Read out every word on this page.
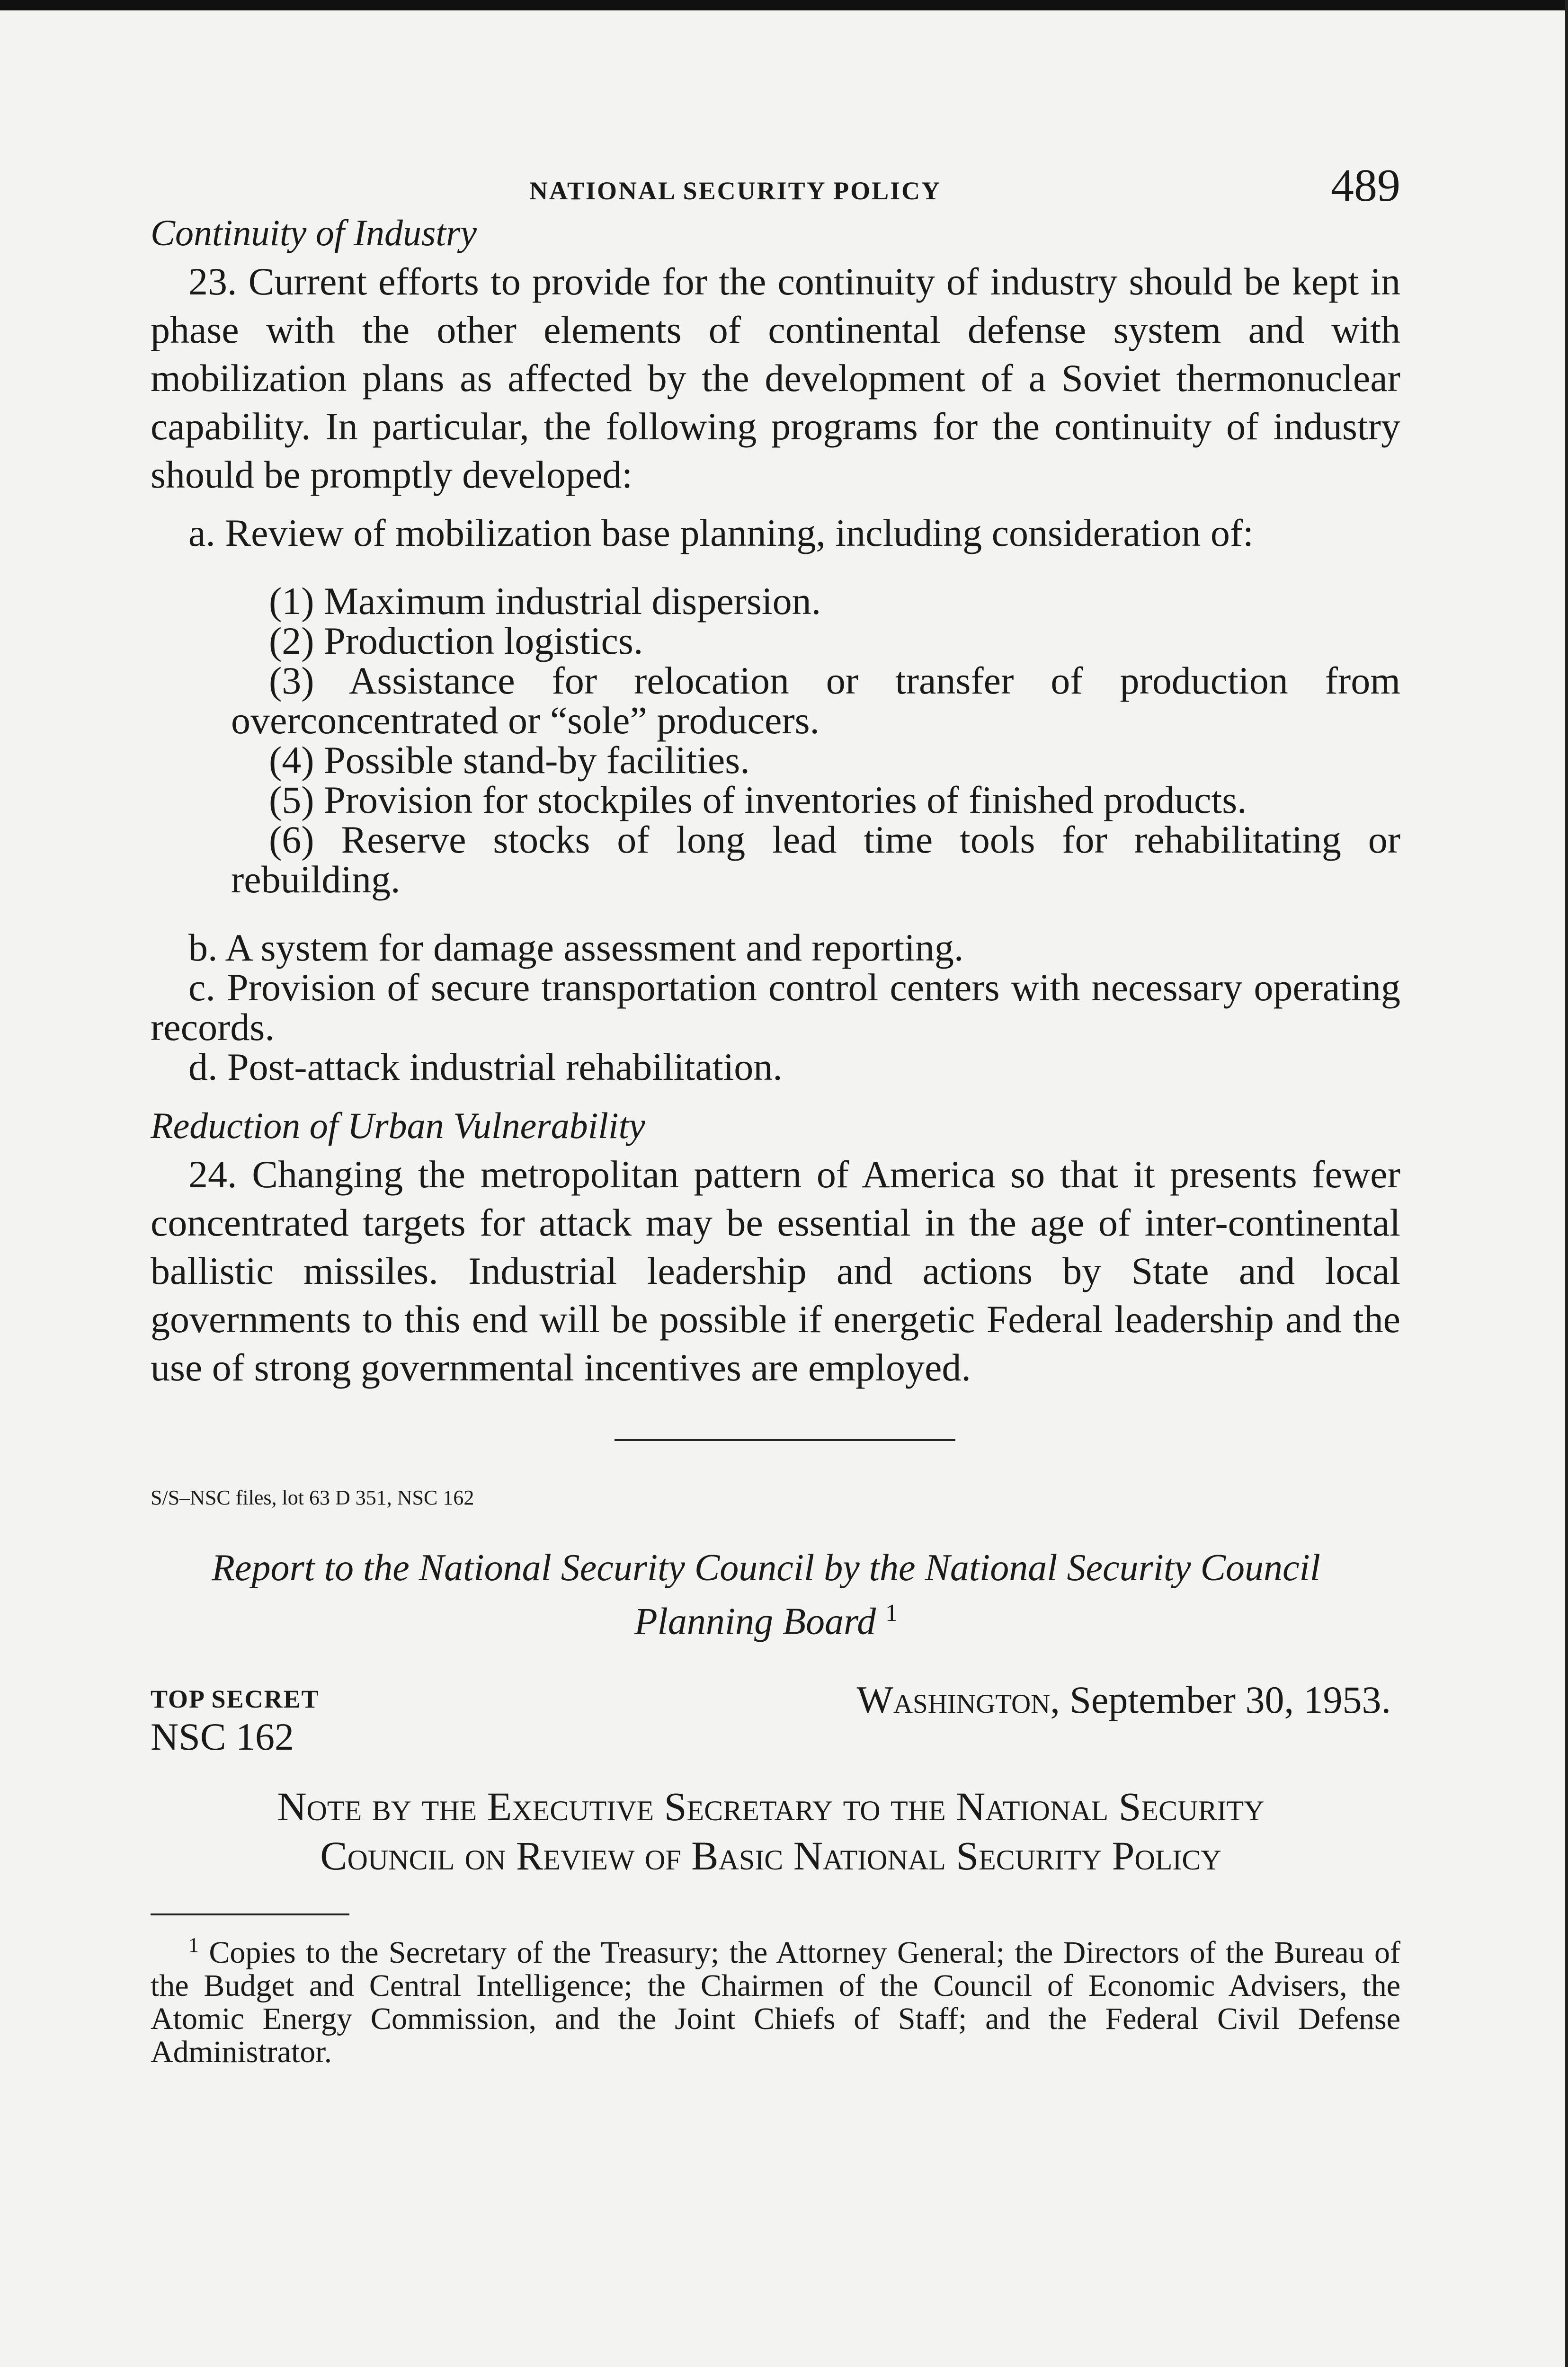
NATIONAL SECURITY POLICY	489

Continuity of Industry

23. Current efforts to provide for the continuity of industry should be kept in phase with the other elements of continental defense system and with mobilization plans as affected by the development of a Soviet thermonuclear capability. In particular, the following programs for the continuity of industry should be promptly developed:

a. Review of mobilization base planning, including consideration of:

(1) Maximum industrial dispersion.

(2) Production logistics.

(3) Assistance for relocation or transfer of production from overconcentrated or “sole” producers.

(4) Possible stand-by facilities.

(5) Provision for stockpiles of inventories of finished products.

(6) Reserve stocks of long lead time tools for rehabilitating or rebuilding.

b. A system for damage assessment and reporting.

c. Provision of secure transportation control centers with necessary operating records.

d. Post-attack industrial rehabilitation.

Reduction of Urban Vulnerability

24. Changing the metropolitan pattern of America so that it presents fewer concentrated targets for attack may be essential in the age of inter-continental ballistic missiles. Industrial leadership and actions by State and local governments to this end will be possible if energetic Federal leadership and the use of strong governmental incentives are employed.

S/S–NSC files, lot 63 D 351, NSC 162

Report to the National Security Council by the National Security Council Planning Board $^1$

TOP SECRET
NSC 162
Washington, September 30, 1953.

Note by the Executive Secretary to the National Security

Council on Review of Basic National Security Policy

$^1$ Copies to the Secretary of the Treasury; the Attorney General; the Directors of the Bureau of the Budget and Central Intelligence; the Chairmen of the Council of Economic Advisers, the Atomic Energy Commission, and the Joint Chiefs of Staff; and the Federal Civil Defense Administrator.
